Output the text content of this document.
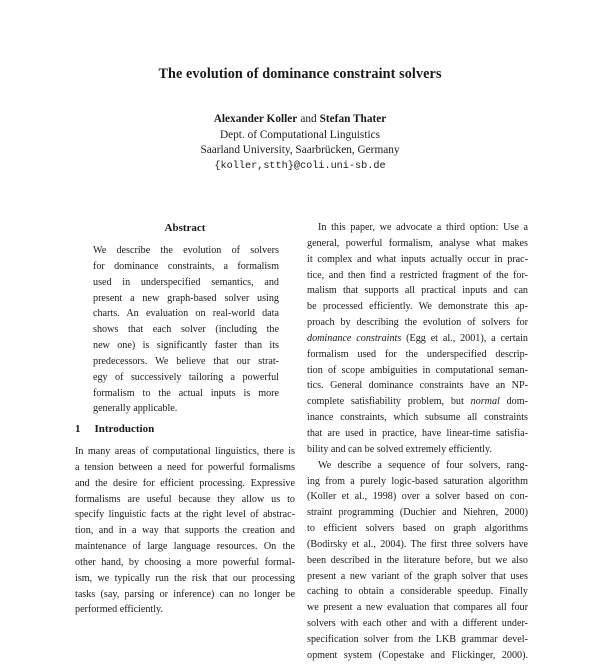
The evolution of dominance constraint solvers
Alexander Koller and Stefan Thater
Dept. of Computational Linguistics
Saarland University, Saarbrücken, Germany
{koller,stth}@coli.uni-sb.de
Abstract
We describe the evolution of solvers
for dominance constraints, a formalism
used in underspecified semantics, and
present a new graph-based solver using
charts. An evaluation on real-world data
shows that each solver (including the
new one) is significantly faster than its
predecessors. We believe that our strat-
egy of successively tailoring a powerful
formalism to the actual inputs is more
generally applicable.
1 Introduction
In many areas of computational linguistics, there is
a tension between a need for powerful formalisms
and the desire for efficient processing. Expressive
formalisms are useful because they allow us to
specify linguistic facts at the right level of abstrac-
tion, and in a way that supports the creation and
maintenance of large language resources. On the
other hand, by choosing a more powerful formal-
ism, we typically run the risk that our processing
tasks (say, parsing or inference) can no longer be
performed efficiently.
In this paper, we advocate a third option: Use a
general, powerful formalism, analyse what makes
it complex and what inputs actually occur in prac-
tice, and then find a restricted fragment of the for-
malism that supports all practical inputs and can
be processed efficiently. We demonstrate this ap-
proach by describing the evolution of solvers for
dominance constraints (Egg et al., 2001), a certain
formalism used for the underspecified descrip-
tion of scope ambiguities in computational seman-
tics. General dominance constraints have an NP-
complete satisfiability problem, but normal dom-
inance constraints, which subsume all constraints
that are used in practice, have linear-time satisfia-
bility and can be solved extremely efficiently.
We describe a sequence of four solvers, rang-
ing from a purely logic-based saturation algorithm
(Koller et al., 1998) over a solver based on con-
straint programming (Duchier and Niehren, 2000)
to efficient solvers based on graph algorithms
(Bodirsky et al., 2004). The first three solvers have
been described in the literature before, but we also
present a new variant of the graph solver that uses
caching to obtain a considerable speedup. Finally
we present a new evaluation that compares all four
solvers with each other and with a different under-
specification solver from the LKB grammar devel-
opment system (Copestake and Flickinger, 2000).
